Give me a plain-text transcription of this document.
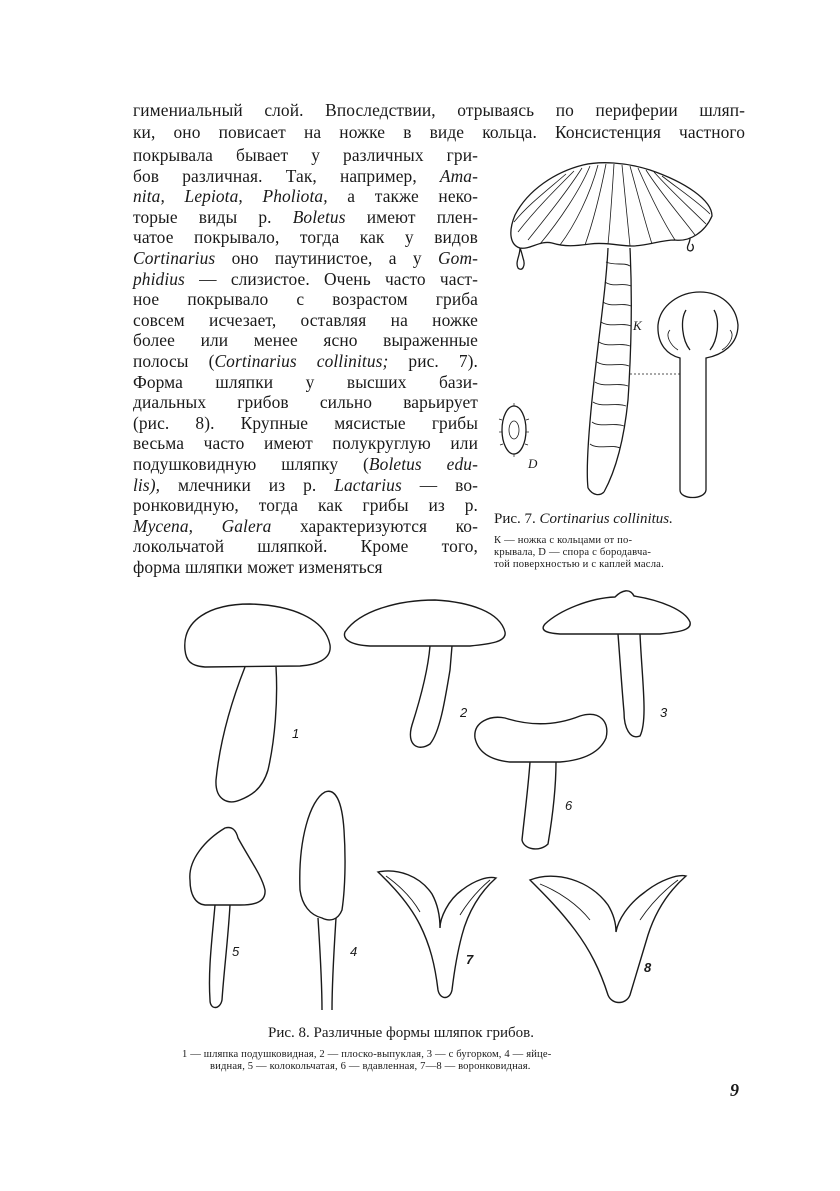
гимениальный слой. Впоследствии, отрываясь по периферии шляп-
ки, оно повисает на ножке в виде кольца. Консистенция частного
покрывала бывает у различных гри-
бов различная. Так, например, Ama-
nita, Lepiota, Pholiota, а также неко-
торые виды р. Boletus имеют плен-
чатое покрывало, тогда как у видов
Cortinarius оно паутинистое, а у Gom-
phidius — слизистое. Очень часто част-
ное покрывало с возрастом гриба
совсем исчезает, оставляя на ножке
более или менее ясно выраженные
полосы (Cortinarius collinitus; рис. 7).
Форма шляпки у высших бази-
диальных грибов сильно варьирует
(рис. 8). Крупные мясистые грибы
весьма часто имеют полукруглую или
подушковидную шляпку (Boletus edu-
lis), млечники из р. Lactarius — во-
ронковидную, тогда как грибы из р.
Mycena, Galera характеризуются ко-
локольчатой шляпкой. Кроме того,
форма шляпки может изменяться
К
D
Рис. 7. Cortinarius collinitus.
К — ножка с кольцами от по-
крывала, D — спора с бородавча-
той поверхностью и с каплей масла.
1
2	3
4
5
6
7
8
Рис. 8. Различные формы шляпок грибов.
1 — шляпка подушковидная, 2 — плоско-выпуклая, 3 — с бугорком, 4 — яйце-
видная, 5 — колокольчатая, 6 — вдавленная, 7—8 — воронковидная.
9
